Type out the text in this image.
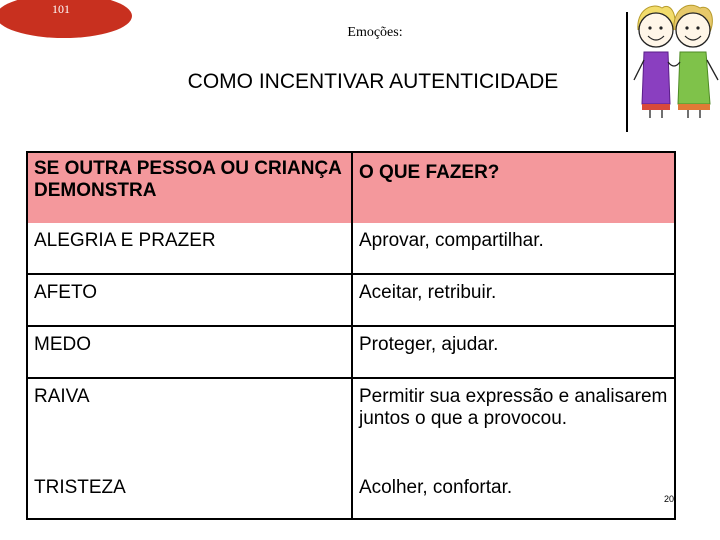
101
Emoções:
COMO INCENTIVAR AUTENTICIDADE
SE OUTRA PESSOA OU CRIANÇA DEMONSTRA	O QUE FAZER?
ALEGRIA E PRAZER	Aprovar, compartilhar.
AFETO	Aceitar, retribuir.
MEDO	Proteger, ajudar.
RAIVA	Permitir sua expressão e analisarem juntos o que a provocou.
TRISTEZA	Acolher, confortar.
20
